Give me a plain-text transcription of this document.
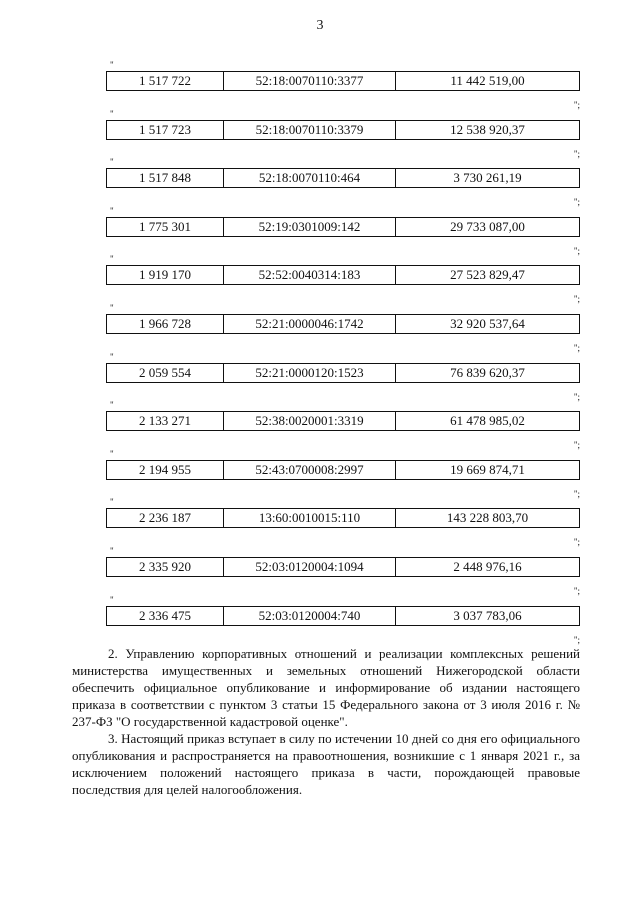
3
"
1 517 722	52:18:0070110:3377	11 442 519,00
";
"
1 517 723	52:18:0070110:3379	12 538 920,37
";
"
1 517 848	52:18:0070110:464	3 730 261,19
";
"
1 775 301	52:19:0301009:142	29 733 087,00
";
"
1 919 170	52:52:0040314:183	27 523 829,47
";
"
1 966 728	52:21:0000046:1742	32 920 537,64
";
"
2 059 554	52:21:0000120:1523	76 839 620,37
";
"
2 133 271	52:38:0020001:3319	61 478 985,02
";
"
2 194 955	52:43:0700008:2997	19 669 874,71
";
"
2 236 187	13:60:0010015:110	143 228 803,70
";
"
2 335 920	52:03:0120004:1094	2 448 976,16
";
"
2 336 475	52:03:0120004:740	3 037 783,06
";

2. Управлению корпоративных отношений и реализации комплексных решений министерства имущественных и земельных отношений Нижегородской области обеспечить официальное опубликование и информирование об издании настоящего приказа в соответствии с пунктом 3 статьи 15 Федерального закона от 3 июля 2016 г. № 237-ФЗ "О государственной кадастровой оценке".

3. Настоящий приказ вступает в силу по истечении 10 дней со дня его официального опубликования и распространяется на правоотношения, возникшие с 1 января 2021 г., за исключением положений настоящего приказа в части, порождающей правовые последствия для целей налогообложения.
